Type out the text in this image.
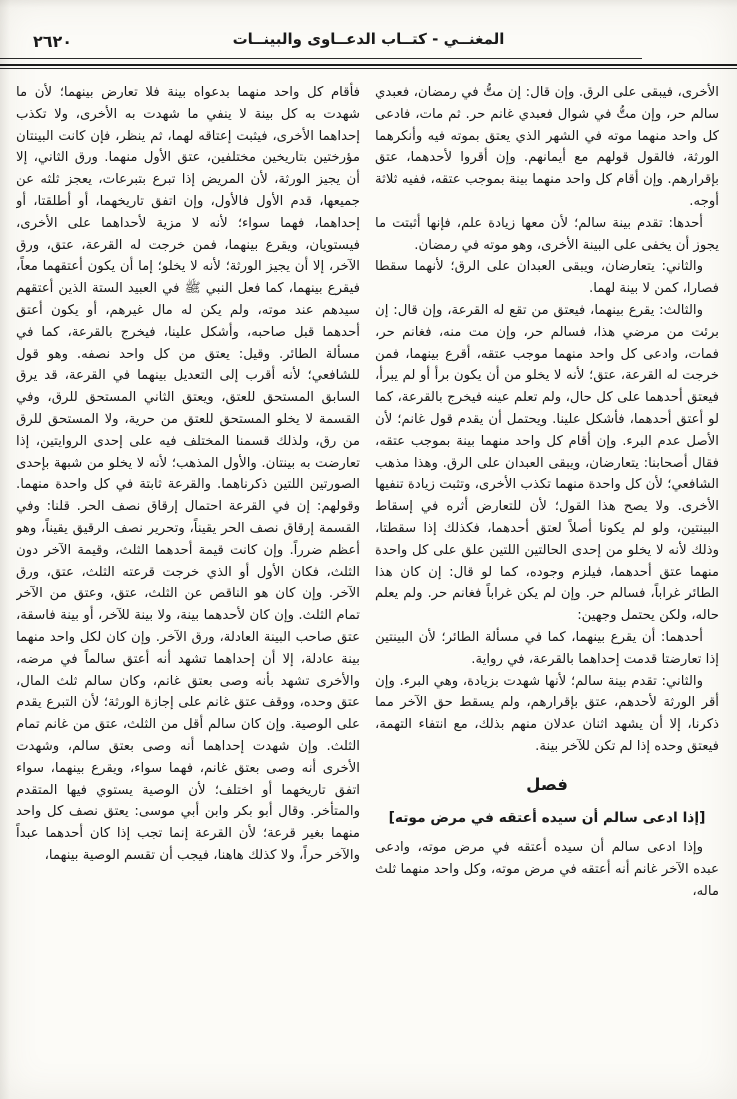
المغنــي - كتــاب الدعــاوى والبينــات
٢٦٢٠

الأخرى، فيبقى على الرق. وإن قال: إن متُّ في رمضان، فعبدي سالم حر، وإن متُّ في شوال فعبدي غانم حر. ثم مات، فادعى كل واحد منهما موته في الشهر الذي يعتق بموته فيه وأنكرهما الورثة، فالقول قولهم مع أيمانهم. وإن أقروا لأحدهما، عتق بإقرارهم. وإن أقام كل واحد منهما بينة بموجب عتقه، ففيه ثلاثة أوجه.

أحدها: تقدم بينة سالم؛ لأن معها زيادة علم، فإنها أثبتت ما يجوز أن يخفى على البينة الأخرى، وهو موته في رمضان.

والثاني: يتعارضان، ويبقى العبدان على الرق؛ لأنهما سقطا فصارا، كمن لا بينة لهما.

والثالث: يقرع بينهما، فيعتق من تقع له القرعة، وإن قال: إن برئت من مرضي هذا، فسالم حر، وإن مت منه، فغانم حر، فمات، وادعى كل واحد منهما موجب عتقه، أقرع بينهما، فمن خرجت له القرعة، عتق؛ لأنه لا يخلو من أن يكون برأ أو لم يبرأ، فيعتق أحدهما على كل حال، ولم تعلم عينه فيخرج بالقرعة، كما لو أعتق أحدهما، فأشكل علينا. ويحتمل أن يقدم قول غانم؛ لأن الأصل عدم البرء. وإن أقام كل واحد منهما بينة بموجب عتقه، فقال أصحابنا: يتعارضان، ويبقى العبدان على الرق. وهذا مذهب الشافعي؛ لأن كل واحدة منهما تكذب الأخرى، وتثبت زيادة تنفيها الأخرى. ولا يصح هذا القول؛ لأن للتعارض أثره في إسقاط البينتين، ولو لم يكونا أصلاً لعتق أحدهما، فكذلك إذا سقطتا، وذلك لأنه لا يخلو من إحدى الحالتين اللتين علق على كل واحدة منهما عتق أحدهما، فيلزم وجوده، كما لو قال: إن كان هذا الطائر غراباً، فسالم حر. وإن لم يكن غراباً فغانم حر. ولم يعلم حاله، ولكن يحتمل وجهين:

أحدهما: أن يقرع بينهما، كما في مسألة الطائر؛ لأن البينتين إذا تعارضتا قدمت إحداهما بالقرعة، في رواية.

والثاني: تقدم بينة سالم؛ لأنها شهدت بزيادة، وهي البرء. وإن أقر الورثة لأحدهم، عتق بإقرارهم، ولم يسقط حق الآخر مما ذكرنا، إلا أن يشهد اثنان عدلان منهم بذلك، مع انتفاء التهمة، فيعتق وحده إذا لم تكن للآخر بينة.

فصل
[إذا ادعى سالم أن سيده أعتقه في مرض موته]

وإذا ادعى سالم أن سيده أعتقه في مرض موته، وادعى عبده الآخر غانم أنه أعتقه في مرض موته، وكل واحد منهما ثلث ماله،

فأقام كل واحد منهما بدعواه بينة فلا تعارض بينهما؛ لأن ما شهدت به كل بينة لا ينفي ما شهدت به الأخرى، ولا تكذب إحداهما الأخرى، فيثبت إعتاقه لهما، ثم ينظر، فإن كانت البينتان مؤرختين بتاريخين مختلفين، عتق الأول منهما. ورق الثاني، إلا أن يجيز الورثة، لأن المريض إذا تبرع بتبرعات، يعجز ثلثه عن جميعها، قدم الأول فالأول، وإن اتفق تاريخهما، أو أطلقتا، أو إحداهما، فهما سواء؛ لأنه لا مزية لأحداهما على الأخرى، فيستويان، ويقرع بينهما، فمن خرجت له القرعة، عتق، ورق الآخر، إلا أن يجيز الورثة؛ لأنه لا يخلو؛ إما أن يكون أعتقهما معاً، فيقرع بينهما، كما فعل النبي ﷺ في العبيد الستة الذين أعتقهم سيدهم عند موته، ولم يكن له مال غيرهم، أو يكون أعتق أحدهما قبل صاحبه، وأشكل علينا، فيخرج بالقرعة، كما في مسألة الطائر. وقيل: يعتق من كل واحد نصفه. وهو قول للشافعي؛ لأنه أقرب إلى التعديل بينهما في القرعة، قد يرق السابق المستحق للعتق، ويعتق الثاني المستحق للرق، وفي القسمة لا يخلو المستحق للعتق من حرية، ولا المستحق للرق من رق، ولذلك قسمنا المختلف فيه على إحدى الروايتين، إذا تعارضت به بينتان. والأول المذهب؛ لأنه لا يخلو من شبهة بإحدى الصورتين اللتين ذكرناهما. والقرعة ثابتة في كل واحدة منهما. وقولهم: إن في القرعة احتمال إرقاق نصف الحر. قلنا: وفي القسمة إرقاق نصف الحر يقيناً، وتحرير نصف الرقيق يقيناً، وهو أعظم ضرراً. وإن كانت قيمة أحدهما الثلث، وقيمة الآخر دون الثلث، فكان الأول أو الذي خرجت قرعته الثلث، عتق، ورق الآخر. وإن كان هو الناقص عن الثلث، عتق، وعتق من الآخر تمام الثلث. وإن كان لأحدهما بينة، ولا بينة للآخر، أو بينة فاسقة، عتق صاحب البينة العادلة، ورق الآخر. وإن كان لكل واحد منهما بينة عادلة، إلا أن إحداهما تشهد أنه أعتق سالماً في مرضه، والأخرى تشهد بأنه وصى بعتق غانم، وكان سالم ثلث المال، عتق وحده، ووقف عتق غانم على إجازة الورثة؛ لأن التبرع يقدم على الوصية. وإن كان سالم أقل من الثلث، عتق من غانم تمام الثلث. وإن شهدت إحداهما أنه وصى بعتق سالم، وشهدت الأخرى أنه وصى بعتق غانم، فهما سواء، ويقرع بينهما، سواء اتفق تاريخهما أو اختلف؛ لأن الوصية يستوي فيها المتقدم والمتأخر. وقال أبو بكر وابن أبي موسى: يعتق نصف كل واحد منهما بغير قرعة؛ لأن القرعة إنما تجب إذا كان أحدهما عبداً والآخر حراً، ولا كذلك هاهنا، فيجب أن تقسم الوصية بينهما،
